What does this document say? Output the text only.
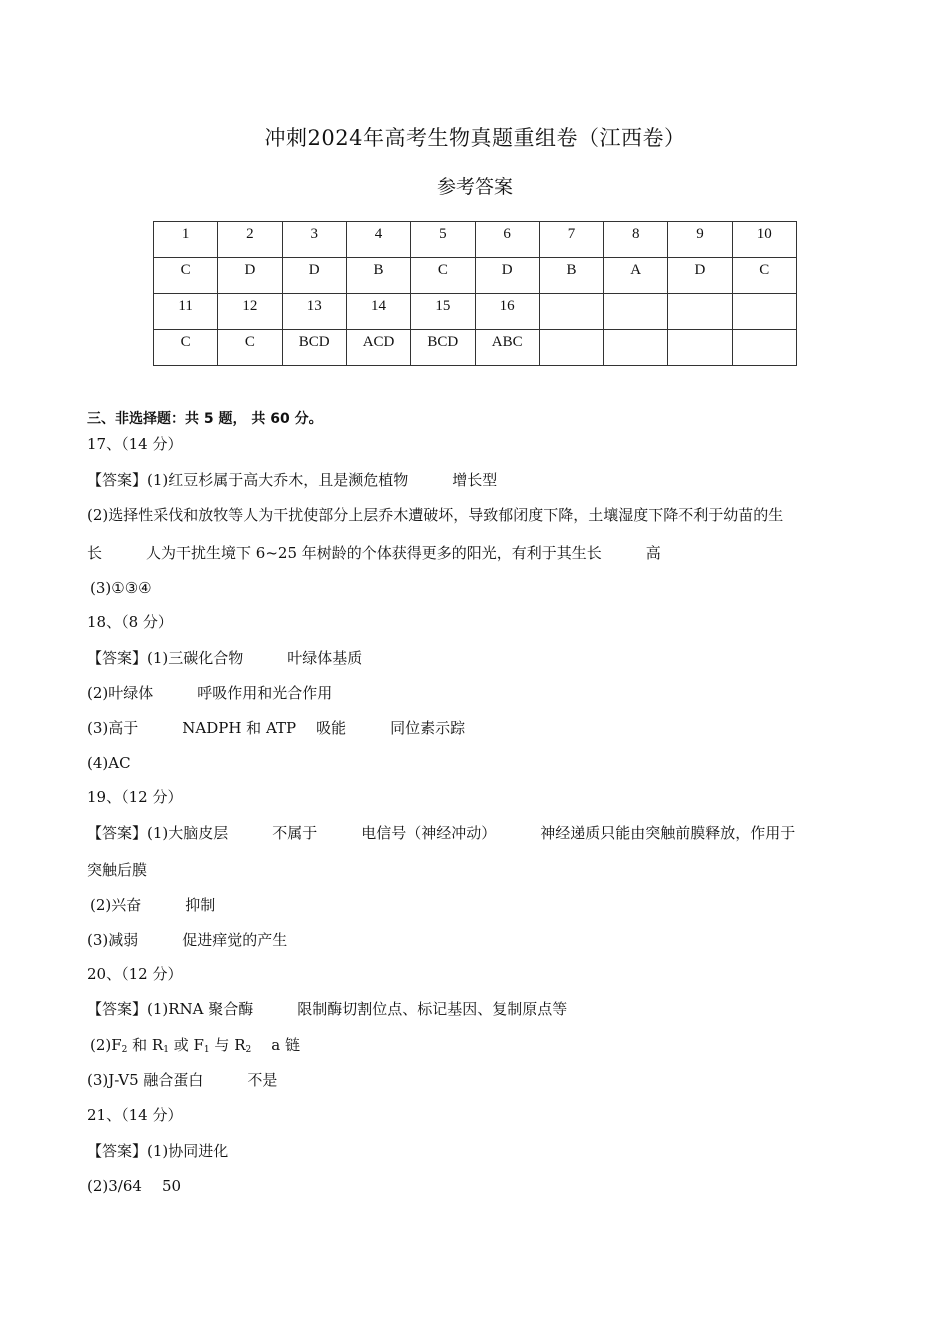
冲刺2024年高考生物真题重组卷（江西卷）
参考答案
1	2	3	4	5	6	7	8	9	10
C	D	D	B	C	D	B	A	D	C
11	12	13	14	15	16				
C	C	BCD	ACD	BCD	ABC				
三、非选择题：共 5 题， 共 60 分。
17、（14 分）
【答案】(1)红豆杉属于高大乔木，且是濒危植物	增长型
(2)选择性采伐和放牧等人为干扰使部分上层乔木遭破坏，导致郁闭度下降，土壤湿度下降不利于幼苗的生
长	人为干扰生境下 6~25 年树龄的个体获得更多的阳光，有利于其生长	高
(3)①③④
18、（8 分）
【答案】(1)三碳化合物	叶绿体基质
(2)叶绿体	呼吸作用和光合作用
(3)高于	NADPH 和 ATP 吸能	同位素示踪
(4)AC
19、（12 分）
【答案】(1)大脑皮层	不属于	电信号（神经冲动）	神经递质只能由突触前膜释放，作用于
突触后膜
(2)兴奋	抑制
(3)减弱	促进痒觉的产生
20、（12 分）
【答案】(1)RNA 聚合酶	限制酶切割位点、标记基因、复制原点等
$(2)F_2$ 和 $R_1$ 或 $F_1$ 与 $R_2$ a 链
(3)J-V5 融合蛋白	不是
21、（14 分）
【答案】(1)协同进化
(2)3/64 50
